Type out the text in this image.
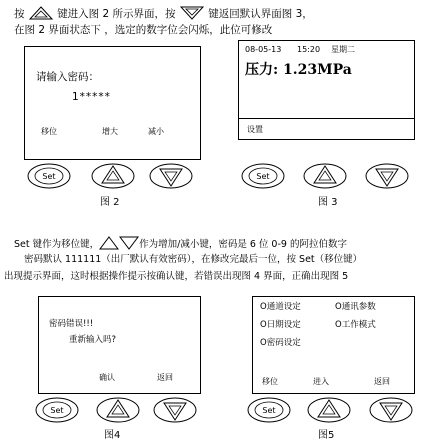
按	键进入图 2 所示界面，按	键返回默认界面图 3，
在图 2 界面状态下 ，选定的数字位会闪烁，此位可修改
请输入密码：
1*****
移位	增大	减小
08-05-13 15:20 星期二
压力: 1.23MPa
设置
Set
图 2
Set
图 3
Set 键作为移位键，	作为增加/减小键，密码是 6 位 0-9 的阿拉伯数字
密码默认 111111（出厂默认有效密码），在修改完最后一位，按 Set（移位键）
出现提示界面，这时根据操作提示按确认键，若错误出现图 4 界面，正确出现图 5
密码错误!!!
重新输入吗?
确认	返回
O通道设定	O通讯参数
O日期设定	O工作模式
O密码设定
移位	进入	返回
Set
图4
Set
图5
